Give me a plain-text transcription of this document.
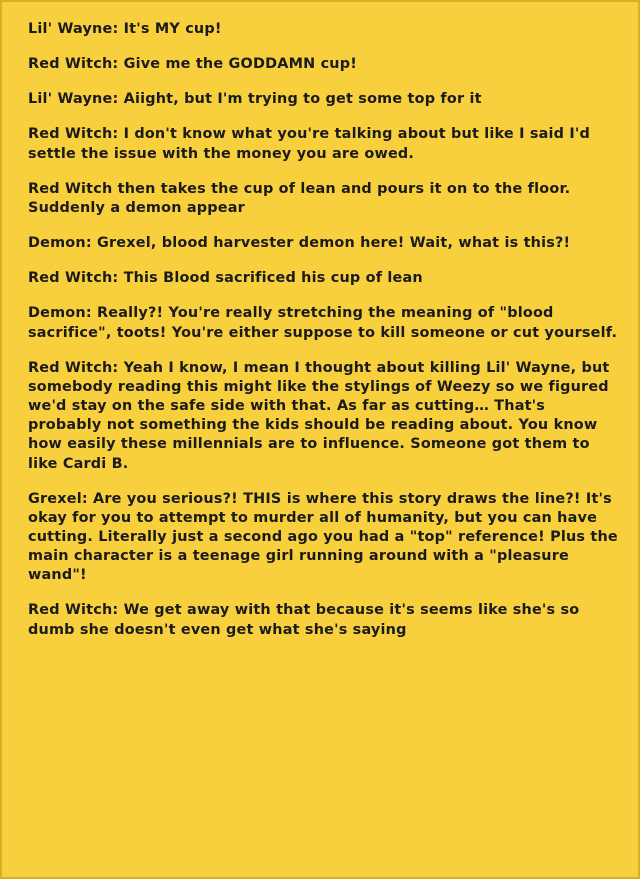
Lil' Wayne: It's MY cup!

Red Witch: Give me the GODDAMN cup!

Lil' Wayne: Aiight, but I'm trying to get some top for it

Red Witch: I don't know what you're talking about but like I said I'd settle the issue with the money you are owed.

Red Witch then takes the cup of lean and pours it on to the floor. Suddenly a demon appear

Demon: Grexel, blood harvester demon here! Wait, what is this?!

Red Witch: This Blood sacrificed his cup of lean

Demon: Really?! You're really stretching the meaning of "blood sacrifice", toots! You're either suppose to kill someone or cut yourself.

Red Witch: Yeah I know, I mean I thought about killing Lil' Wayne, but somebody reading this might like the stylings of Weezy so we figured we'd stay on the safe side with that. As far as cutting… That's probably not something the kids should be reading about. You know how easily these millennials are to influence. Someone got them to like Cardi B.

Grexel: Are you serious?! THIS is where this story draws the line?! It's okay for you to attempt to murder all of humanity, but you can have cutting. Literally just a second ago you had a "top" reference! Plus the main character is a teenage girl running around with a "pleasure wand"!

Red Witch: We get away with that because it's seems like she's so dumb she doesn't even get what she's saying
